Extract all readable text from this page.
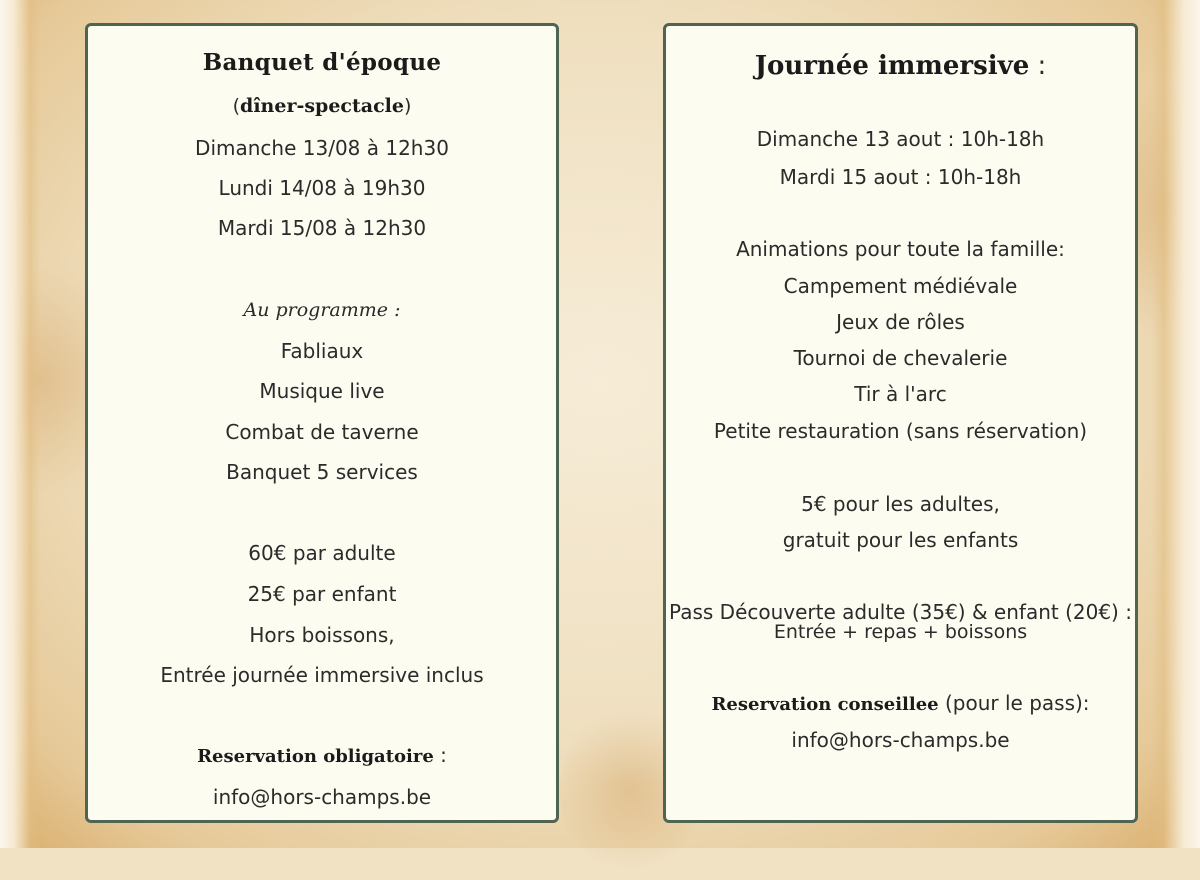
Banquet d'époque
(dîner-spectacle)
Dimanche 13/08 à 12h30
Lundi 14/08 à 19h30
Mardi 15/08 à 12h30
Au programme :
Fabliaux
Musique live
Combat de taverne
Banquet 5 services
60€ par adulte
25€ par enfant
Hors boissons,
Entrée journée immersive inclus
Reservation obligatoire :
info@hors-champs.be
Journée immersive :
Dimanche 13 aout : 10h-18h
Mardi 15 aout : 10h-18h
Animations pour toute la famille:
Campement médiévale
Jeux de rôles
Tournoi de chevalerie
Tir à l'arc
Petite restauration (sans réservation)
5€ pour les adultes,
gratuit pour les enfants
Pass Découverte adulte (35€) & enfant (20€) :
Entrée + repas + boissons
Reservation conseillee (pour le pass):
info@hors-champs.be
